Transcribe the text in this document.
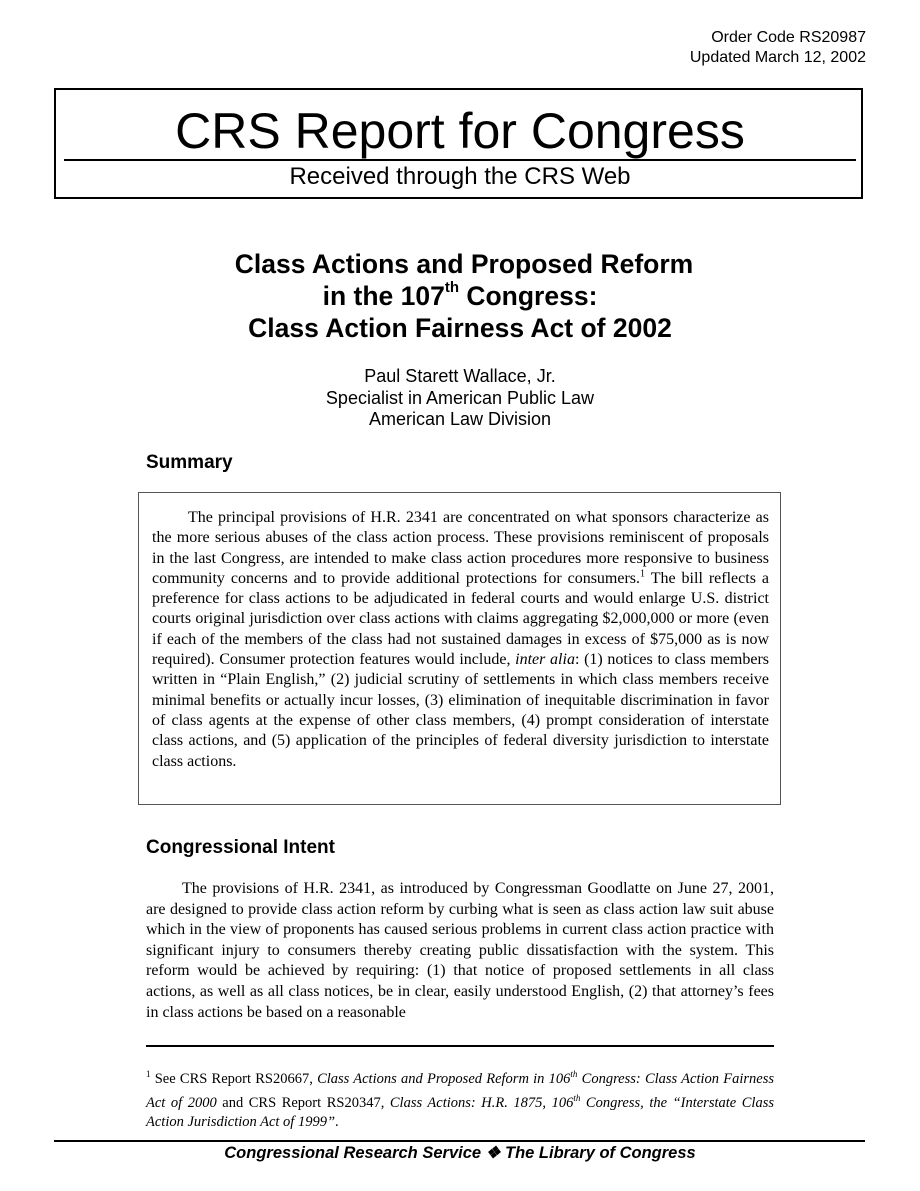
Order Code RS20987
Updated March 12, 2002
CRS Report for Congress
Received through the CRS Web
Class Actions and Proposed Reform
in the 107th Congress:
Class Action Fairness Act of 2002
Paul Starett Wallace, Jr.
Specialist in American Public Law
American Law Division
Summary

The principal provisions of H.R. 2341 are concentrated on what sponsors characterize as the more serious abuses of the class action process. These provisions reminiscent of proposals in the last Congress, are intended to make class action procedures more responsive to business community concerns and to provide additional protections for consumers.$^1$ The bill reflects a preference for class actions to be adjudicated in federal courts and would enlarge U.S. district courts original jurisdiction over class actions with claims aggregating $2,000,000 or more (even if each of the members of the class had not sustained damages in excess of $75,000 as is now required). Consumer protection features would include, inter alia: (1) notices to class members written in “Plain English,” (2) judicial scrutiny of settlements in which class members receive minimal benefits or actually incur losses, (3) elimination of inequitable discrimination in favor of class agents at the expense of other class members, (4) prompt consideration of interstate class actions, and (5) application of the principles of federal diversity jurisdiction to interstate class actions.

Congressional Intent

The provisions of H.R. 2341, as introduced by Congressman Goodlatte on June 27, 2001, are designed to provide class action reform by curbing what is seen as class action law suit abuse which in the view of proponents has caused serious problems in current class action practice with significant injury to consumers thereby creating public dissatisfaction with the system. This reform would be achieved by requiring: (1) that notice of proposed settlements in all class actions, as well as all class notices, be in clear, easily understood English, (2) that attorney’s fees in class actions be based on a reasonable

$^1$ See CRS Report RS20667, Class Actions and Proposed Reform in 106th Congress: Class Action Fairness Act of 2000 and CRS Report RS20347, Class Actions: H.R. 1875, 106th Congress, the “Interstate Class Action Jurisdiction Act of 1999”.

Congressional Research Service ❖ The Library of Congress
